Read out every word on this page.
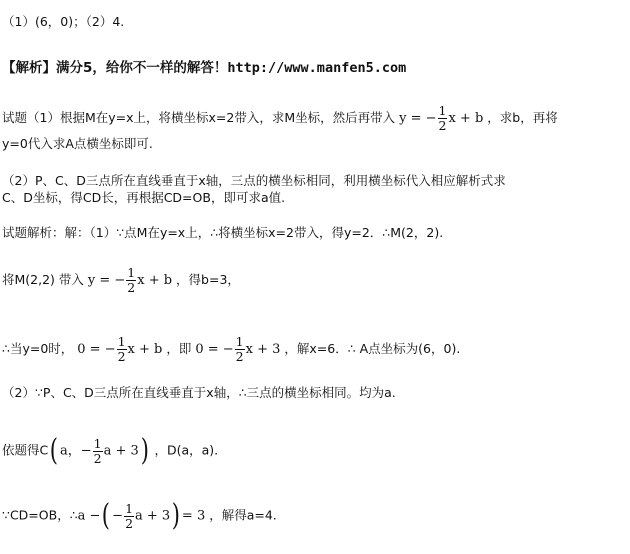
（1）(6，0)；（2）4.
【解析】满分5，给你不一样的解答！http://www.manfen5.com
试题（1）根据M在y=x上，将横坐标x=2带入，求M坐标，然后再带入 y = − $\frac{1}{2}$ x + b ，求b，再将
y=0代入求A点横坐标即可.
（2）P、C、D三点所在直线垂直于x轴，三点的横坐标相同，利用横坐标代入相应解析式求
C、D坐标，得CD长，再根据CD=OB，即可求a值.
试题解析：解：（1）∵点M在y=x上，∴将横坐标x=2带入，得y=2．∴M(2，2).
将M(2,2) 带入 y = − $\frac{1}{2}$ x + b ，得b=3，
∴当y=0时， 0 = − $\frac{1}{2}$ x + b ，即 0 = − $\frac{1}{2}$ x + 3 ，解x=6．∴ A点坐标为(6，0).
（2）∵P、C、D三点所在直线垂直于x轴，∴三点的横坐标相同。均为a.
依题得C( a，− $\frac{1}{2}$ a + 3) ，D(a，a).
∵CD=OB，∴a −( − $\frac{1}{2}$ a + 3) = 3 ，解得a=4.
